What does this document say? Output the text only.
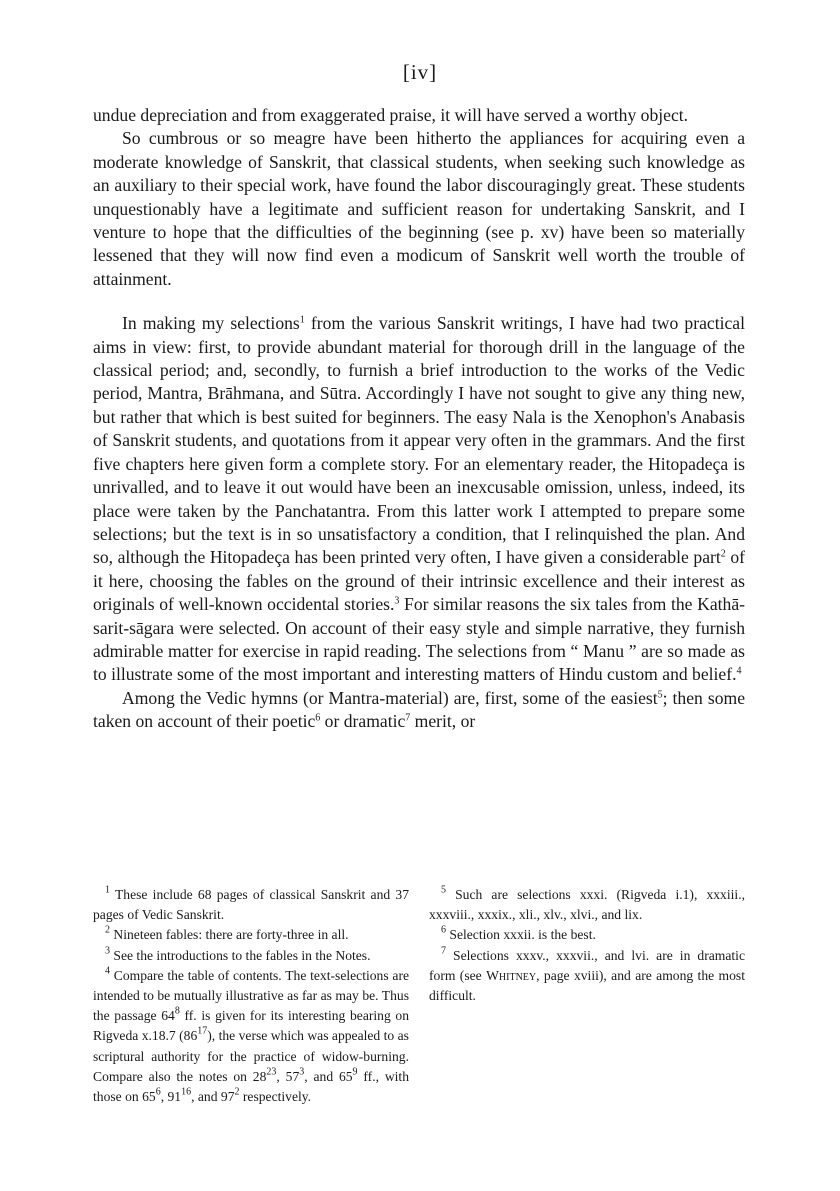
[iv]

undue depreciation and from exaggerated praise, it will have served a worthy object.

So cumbrous or so meagre have been hitherto the appliances for acquiring even a moderate knowledge of Sanskrit, that classical students, when seeking such knowledge as an auxiliary to their special work, have found the labor discouragingly great. These students unquestionably have a legitimate and sufficient reason for undertaking Sanskrit, and I venture to hope that the difficulties of the beginning (see p. xv) have been so materially lessened that they will now find even a modicum of Sanskrit well worth the trouble of attainment.

In making my selections$^1$ from the various Sanskrit writings, I have had two practical aims in view: first, to provide abundant material for thorough drill in the language of the classical period; and, secondly, to furnish a brief introduction to the works of the Vedic period, Mantra, Brāhmana, and Sūtra. Accordingly I have not sought to give any thing new, but rather that which is best suited for beginners. The easy Nala is the Xenophon's Anabasis of Sanskrit students, and quotations from it appear very often in the grammars. And the first five chapters here given form a complete story. For an elementary reader, the Hitopadeça is unrivalled, and to leave it out would have been an inexcusable omission, unless, indeed, its place were taken by the Panchatantra. From this latter work I attempted to prepare some selections; but the text is in so unsatisfactory a condition, that I relinquished the plan. And so, although the Hitopadeça has been printed very often, I have given a considerable part$^2$ of it here, choosing the fables on the ground of their intrinsic excellence and their interest as originals of well-known occidental stories.$^3$ For similar reasons the six tales from the Kathā-sarit-sāgara were selected. On account of their easy style and simple narrative, they furnish admirable matter for exercise in rapid reading. The selections from “ Manu ” are so made as to illustrate some of the most important and interesting matters of Hindu custom and belief.$^4$

Among the Vedic hymns (or Mantra-material) are, first, some of the easiest$^5$; then some taken on account of their poetic$^6$ or dramatic$^7$ merit, or

$^1$ These include 68 pages of classical Sanskrit and 37 pages of Vedic Sanskrit.

$^2$ Nineteen fables: there are forty-three in all.

$^3$ See the introductions to the fables in the Notes.

$^4$ Compare the table of contents. The text-selections are intended to be mutually illustrative as far as may be. Thus the passage $64^8$ ff. is given for its interesting bearing on Rigveda x.18.7 $(86^{17})$, the verse which was appealed to as scriptural authority for the practice of widow-burning. Compare also the notes on $28^{23}$, $57^3$, and $65^9$ ff., with those on $65^6$, $91^{16}$, and $97^2$ respectively.

$^5$ Such are selections xxxi. (Rigveda i.1), xxxiii., xxxviii., xxxix., xli., xlv., xlvi., and lix.

$^6$ Selection xxxii. is the best.

$^7$ Selections xxxv., xxxvii., and lvi. are in dramatic form (see Whitney, page xviii), and are among the most difficult.
